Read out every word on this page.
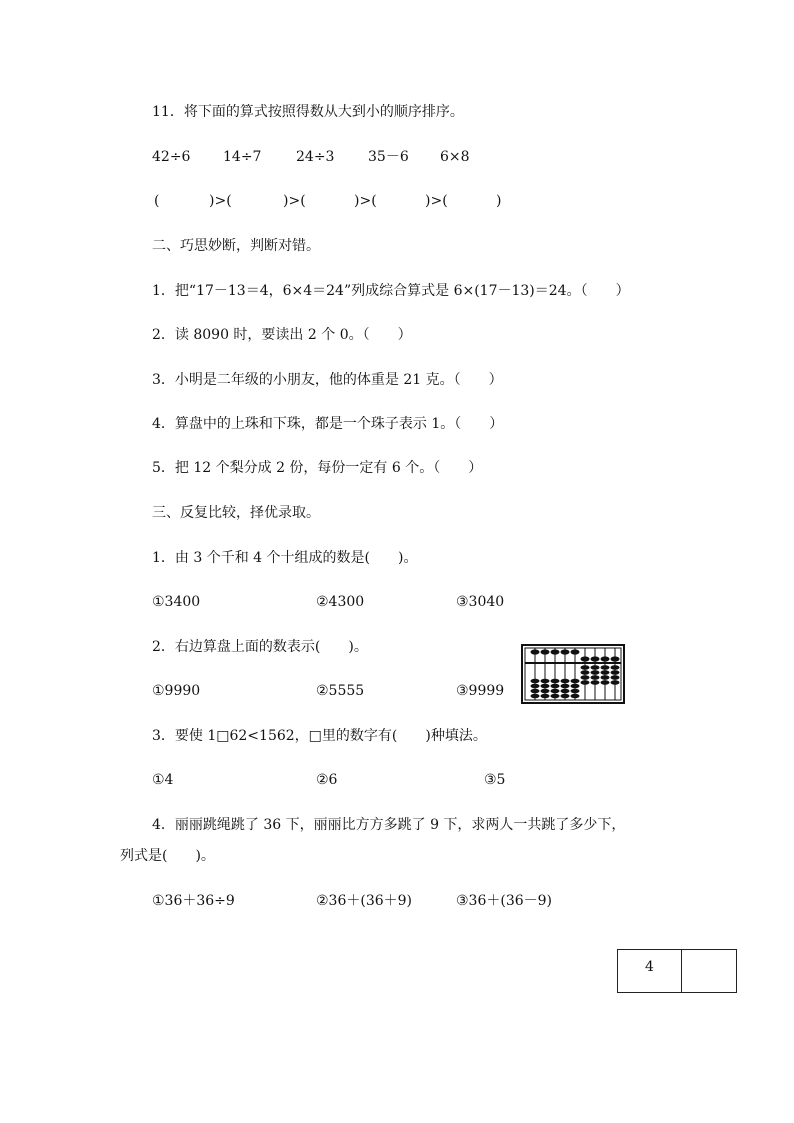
11．将下面的算式按照得数从大到小的顺序排序。
42÷6 14÷7 24÷3 35－6 6×8
(	)>(	)>(	)>(	)>(	)
二、巧思妙断，判断对错。
1．把“17－13＝4，6×4＝24”列成综合算式是 6×(17－13)＝24。（　　）
2．读 8090 时，要读出 2 个 0。（　　）
3．小明是二年级的小朋友，他的体重是 21 克。（　　）
4．算盘中的上珠和下珠，都是一个珠子表示 1。（　　）
5．把 12 个梨分成 2 份，每份一定有 6 个。（　　）
三、反复比较，择优录取。
1．由 3 个千和 4 个十组成的数是(　　)。
①3400	②4300	③3040
2．右边算盘上面的数表示(　　)。
①9990	②5555	③9999
3．要使 1□62<1562，□里的数字有(　　)种填法。
①4	②6	③5
4．丽丽跳绳跳了 36 下，丽丽比方方多跳了 9 下，求两人一共跳了多少下，
列式是(　　)。
①36＋36÷9	②36＋(36＋9)	③36＋(36－9)
4
